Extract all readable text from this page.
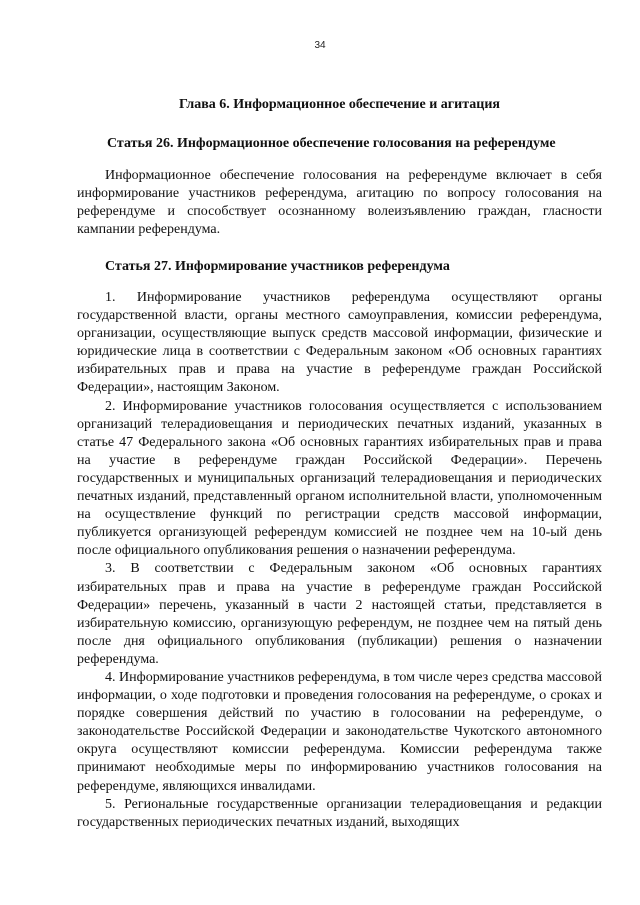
34
Глава 6. Информационное обеспечение и агитация
Статья 26. Информационное обеспечение голосования на референдуме

Информационное обеспечение голосования на референдуме включает в себя информирование участников референдума, агитацию по вопросу голосования на референдуме и способствует осознанному волеизъявлению граждан, гласности кампании референдума.

Статья 27. Информирование участников референдума

1. Информирование участников референдума осуществляют органы государственной власти, органы местного самоуправления, комиссии референдума, организации, осуществляющие выпуск средств массовой информации, физические и юридические лица в соответствии с Федеральным законом «Об основных гарантиях избирательных прав и права на участие в референдуме граждан Российской Федерации», настоящим Законом.

2. Информирование участников голосования осуществляется с использованием организаций телерадиовещания и периодических печатных изданий, указанных в статье 47 Федерального закона «Об основных гарантиях избирательных прав и права на участие в референдуме граждан Российской Федерации». Перечень государственных и муниципальных организаций телерадиовещания и периодических печатных изданий, представленный органом исполнительной власти, уполномоченным на осуществление функций по регистрации средств массовой информации, публикуется организующей референдум комиссией не позднее чем на 10-ый день после официального опубликования решения о назначении референдума.

3. В соответствии с Федеральным законом «Об основных гарантиях избирательных прав и права на участие в референдуме граждан Российской Федерации» перечень, указанный в части 2 настоящей статьи, представляется в избирательную комиссию, организующую референдум, не позднее чем на пятый день после дня официального опубликования (публикации) решения о назначении референдума.

4. Информирование участников референдума, в том числе через средства массовой информации, о ходе подготовки и проведения голосования на референдуме, о сроках и порядке совершения действий по участию в голосовании на референдуме, о законодательстве Российской Федерации и законодательстве Чукотского автономного округа осуществляют комиссии референдума. Комиссии референдума также принимают необходимые меры по информированию участников голосования на референдуме, являющихся инвалидами.

5. Региональные государственные организации телерадиовещания и редакции государственных периодических печатных изданий, выходящих
